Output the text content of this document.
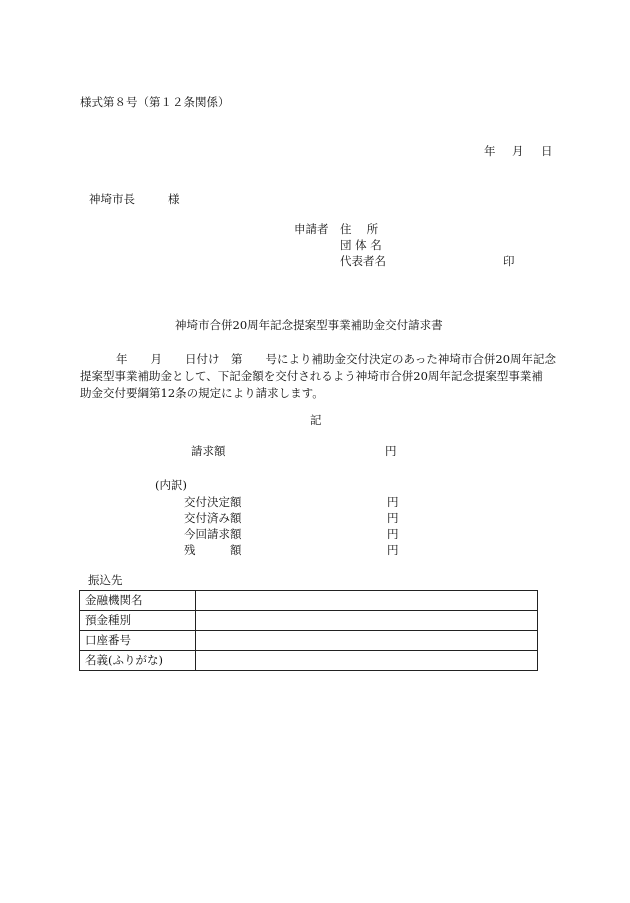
様式第８号（第１２条関係）
年 月 日
神埼市長	様
申請者 住　 所
団 体 名
代表者名	印
神埼市合併20周年記念提案型事業補助金交付請求書
年　　月　　日付け　第　　号により補助金交付決定のあった神埼市合併20周年記念
提案型事業補助金として、下記金額を交付されるよう神埼市合併20周年記念提案型事業補
助金交付要綱第12条の規定により請求します。
記
請求額	円
(内訳)
交付決定額	円
交付済み額	円
今回請求額	円
残　　　額	円
振込先
金融機関名	
預金種別	
口座番号	
名義(ふりがな)	
